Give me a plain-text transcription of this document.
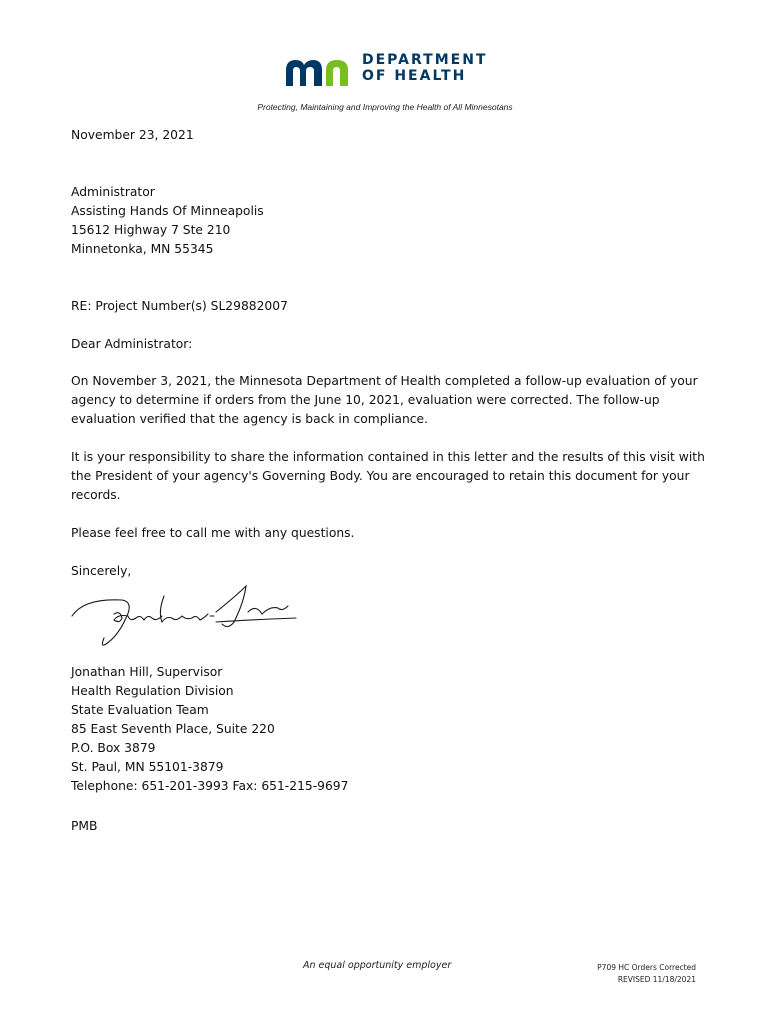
DEPARTMENT
OF HEALTH
Protecting, Maintaining and Improving the Health of All Minnesotans
November 23, 2021

Administrator

Assisting Hands Of Minneapolis

15612 Highway 7 Ste 210

Minnetonka, MN 55345

RE: Project Number(s) SL29882007
Dear Administrator:
On November 3, 2021, the Minnesota Department of Health completed a follow-up evaluation of your agency to determine if orders from the June 10, 2021, evaluation were corrected. The follow-up evaluation verified that the agency is back in compliance.
It is your responsibility to share the information contained in this letter and the results of this visit with the President of your agency's Governing Body. You are encouraged to retain this document for your records.
Please feel free to call me with any questions.
Sincerely,

Jonathan Hill, Supervisor

Health Regulation Division

State Evaluation Team

85 East Seventh Place, Suite 220

P.O. Box 3879

St. Paul, MN 55101-3879

Telephone: 651-201-3993 Fax: 651-215-9697

PMB
An equal opportunity employer	P709 HC Orders Corrected
REVISED 11/18/2021
